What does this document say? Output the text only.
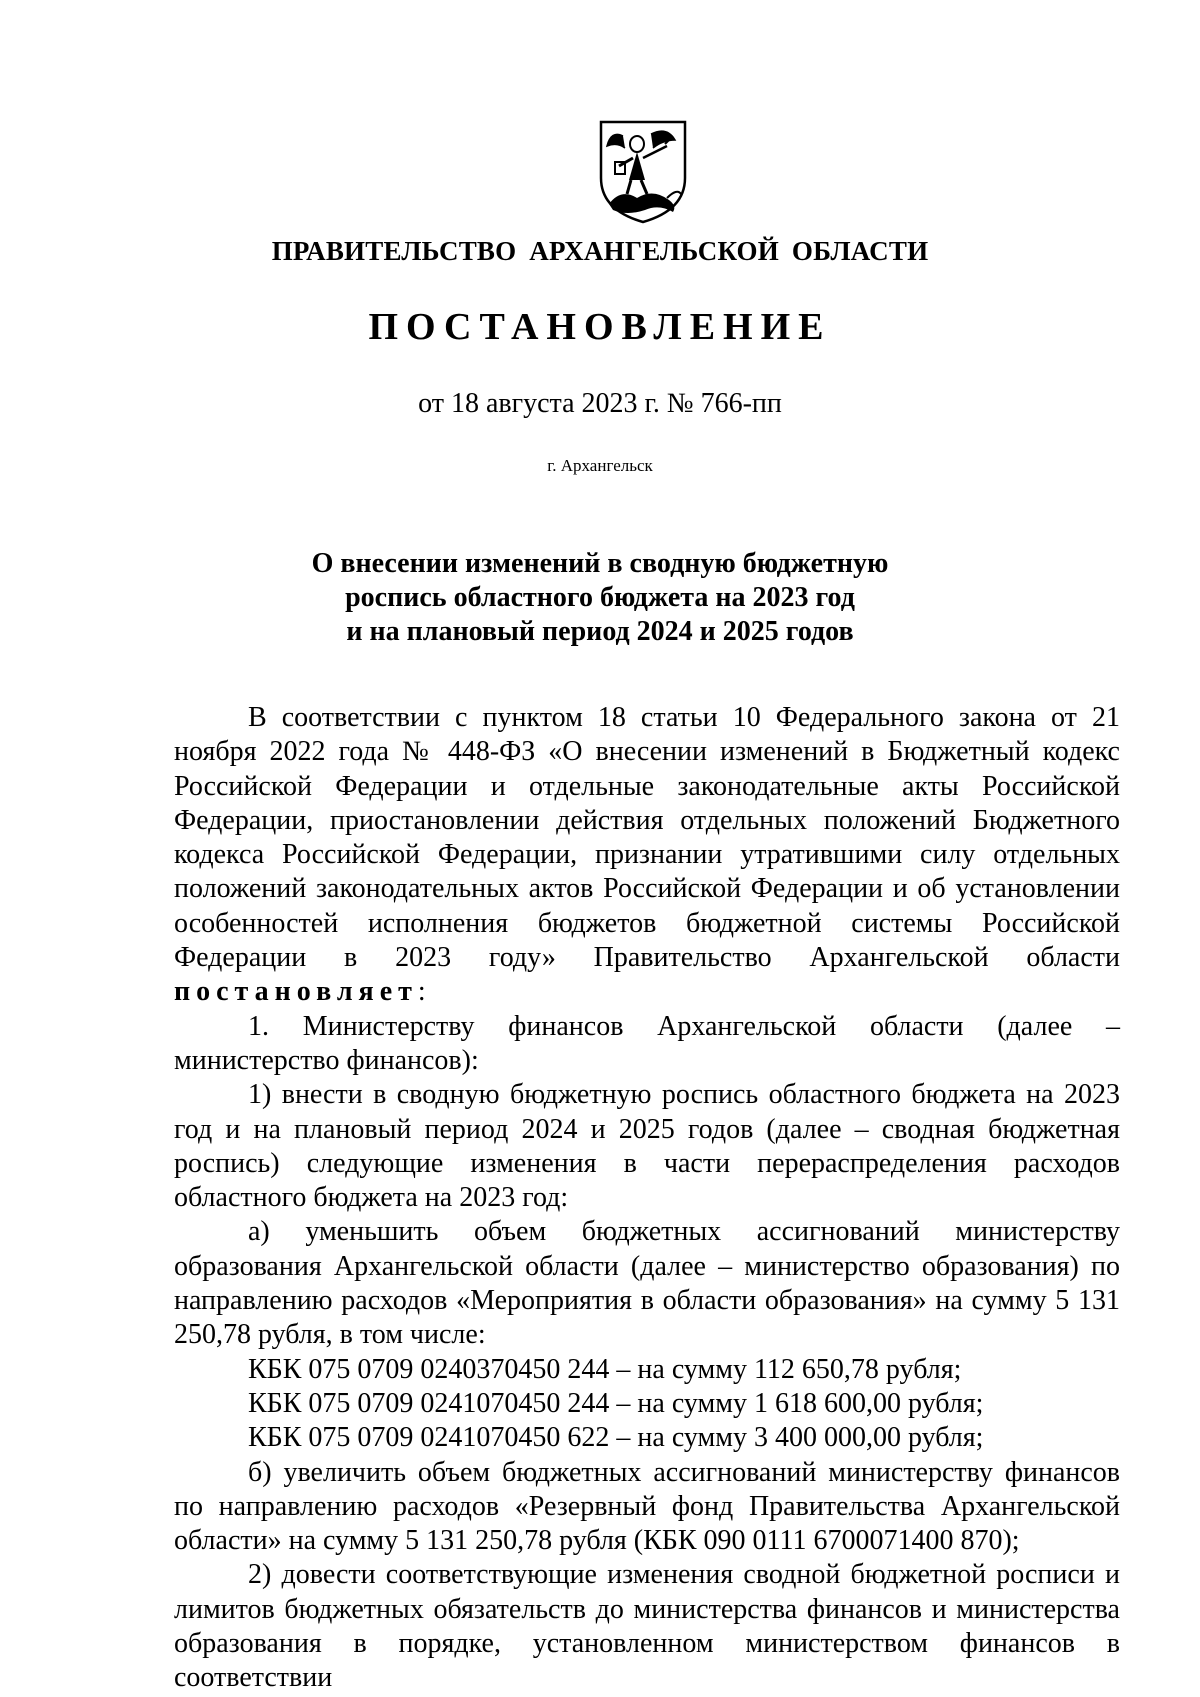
ПРАВИТЕЛЬСТВО АРХАНГЕЛЬСКОЙ ОБЛАСТИ
ПОСТАНОВЛЕНИЕ
от 18 августа 2023 г. № 766-пп
г. Архангельск
О внесении изменений в сводную бюджетную
роспись областного бюджета на 2023 год
и на плановый период 2024 и 2025 годов

В соответствии с пунктом 18 статьи 10 Федерального закона от 21 ноября 2022 года № 448-ФЗ «О внесении изменений в Бюджетный кодекс Российской Федерации и отдельные законодательные акты Российской Федерации, приостановлении действия отдельных положений Бюджетного кодекса Российской Федерации, признании утратившими силу отдельных положений законодательных актов Российской Федерации и об установлении особенностей исполнения бюджетов бюджетной системы Российской Федерации в 2023 году» Правительство Архангельской области постановляет:

1. Министерству финансов Архангельской области (далее – министерство финансов):

1) внести в сводную бюджетную роспись областного бюджета на 2023 год и на плановый период 2024 и 2025 годов (далее – сводная бюджетная роспись) следующие изменения в части перераспределения расходов областного бюджета на 2023 год:

а) уменьшить объем бюджетных ассигнований министерству образования Архангельской области (далее – министерство образования) по направлению расходов «Мероприятия в области образования» на сумму 5 131 250,78 рубля, в том числе:

КБК 075 0709 0240370450 244 – на сумму 112 650,78 рубля;

КБК 075 0709 0241070450 244 – на сумму 1 618 600,00 рубля;

КБК 075 0709 0241070450 622 – на сумму 3 400 000,00 рубля;

б) увеличить объем бюджетных ассигнований министерству финансов по направлению расходов «Резервный фонд Правительства Архангельской области» на сумму 5 131 250,78 рубля (КБК 090 0111 6700071400 870);

2) довести соответствующие изменения сводной бюджетной росписи и лимитов бюджетных обязательств до министерства финансов и министерства образования в порядке, установленном министерством финансов в соответствии
